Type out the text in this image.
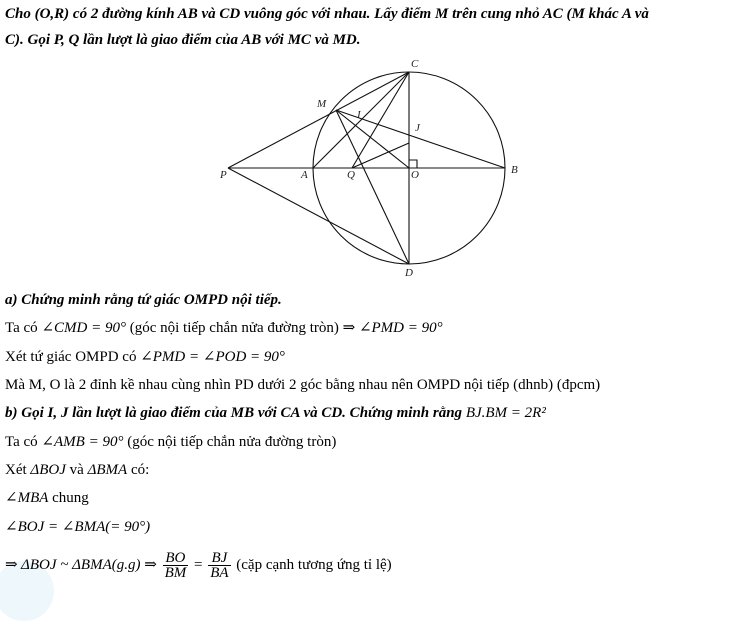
Cho (O,R) có 2 đường kính AB và CD vuông góc với nhau. Lấy điểm M trên cung nhỏ AC (M khác A và
C). Gọi P, Q lần lượt là giao điểm của AB với MC và MD.
C
M
I
J
P	A	Q	O	B
D
a) Chứng minh rằng tứ giác OMPD nội tiếp.
Ta có ∠CMD = 90° (góc nội tiếp chắn nửa đường tròn) ⇒ ∠PMD = 90°
Xét tứ giác OMPD có ∠PMD = ∠POD = 90°
Mà M, O là 2 đỉnh kề nhau cùng nhìn PD dưới 2 góc bằng nhau nên OMPD nội tiếp (dhnb) (đpcm)
b) Gọi I, J lần lượt là giao điểm của MB với CA và CD. Chứng minh rằng BJ.BM = 2R²
Ta có ∠AMB = 90° (góc nội tiếp chắn nửa đường tròn)
Xét ΔBOJ và ΔBMA có:
∠MBA chung
∠BOJ = ∠BMA(= 90°)
⇒ ΔBOJ ~ ΔBMA(g.g) ⇒ $\frac{BO}{BM} = \frac{BJ}{BA}$ (cặp cạnh tương ứng tỉ lệ)
